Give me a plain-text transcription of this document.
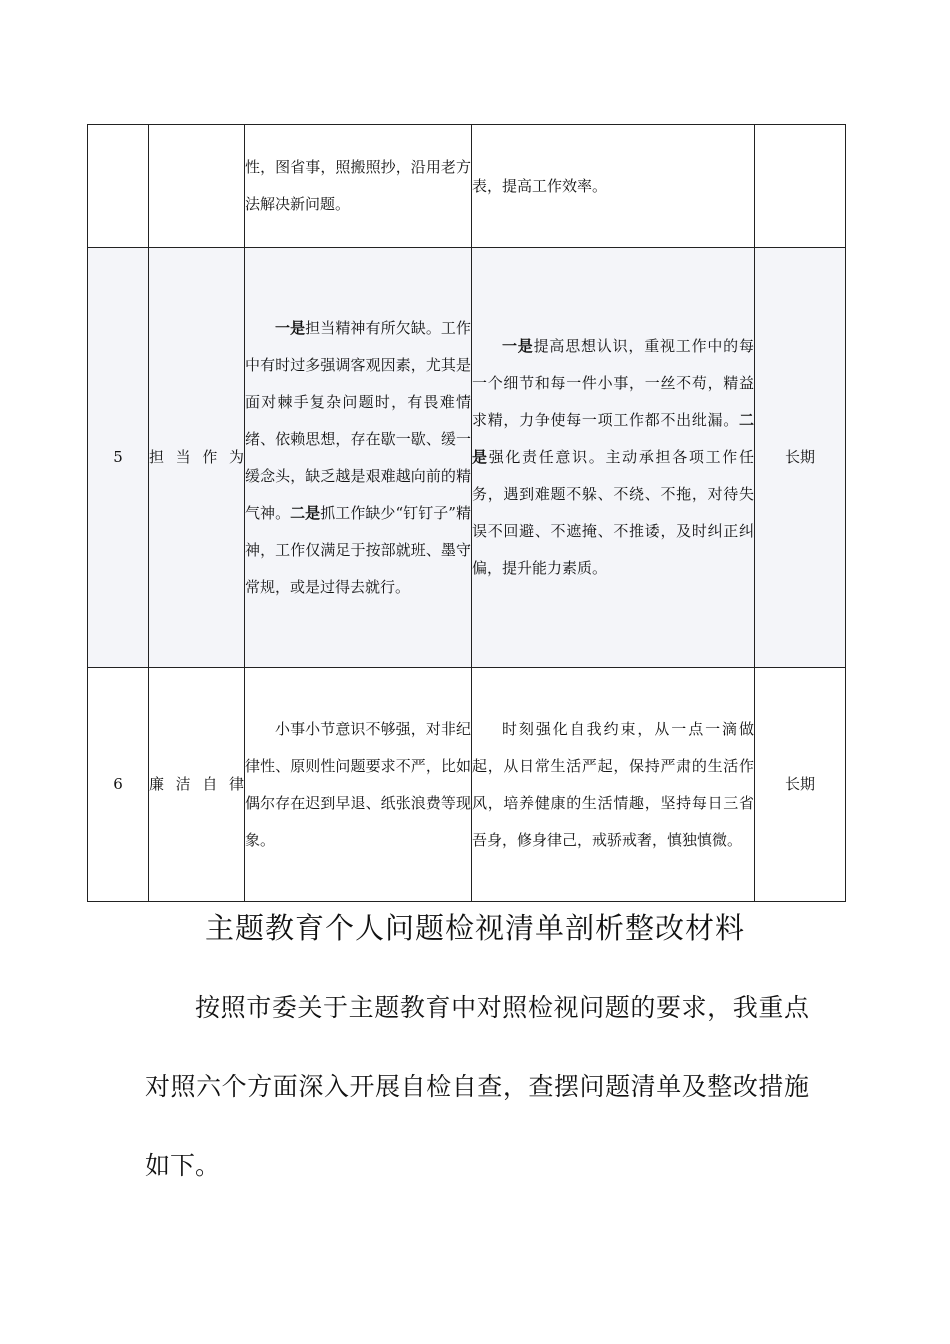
		性，图省事，照搬照抄，沿用老方法解决新问题。	表，提高工作效率。	
5	担当作为	一是担当精神有所欠缺。工作中有时过多强调客观因素，尤其是面对棘手复杂问题时，有畏难情绪、依赖思想，存在歇一歇、缓一缓念头，缺乏越是艰难越向前的精气神。二是抓工作缺少“钉钉子”精神，工作仅满足于按部就班、墨守常规，或是过得去就行。	一是提高思想认识，重视工作中的每一个细节和每一件小事，一丝不苟，精益求精，力争使每一项工作都不出纰漏。二是强化责任意识。主动承担各项工作任务，遇到难题不躲、不绕、不拖，对待失误不回避、不遮掩、不推诿，及时纠正纠偏，提升能力素质。	长期
6	廉洁自律	小事小节意识不够强，对非纪律性、原则性问题要求不严，比如偶尔存在迟到早退、纸张浪费等现象。	时刻强化自我约束，从一点一滴做起，从日常生活严起，保持严肃的生活作风，培养健康的生活情趣，坚持每日三省吾身，修身律己，戒骄戒奢，慎独慎微。	长期
主题教育个人问题检视清单剖析整改材料

按照市委关于主题教育中对照检视问题的要求，我重点对照六个方面深入开展自检自查，查摆问题清单及整改措施如下。
